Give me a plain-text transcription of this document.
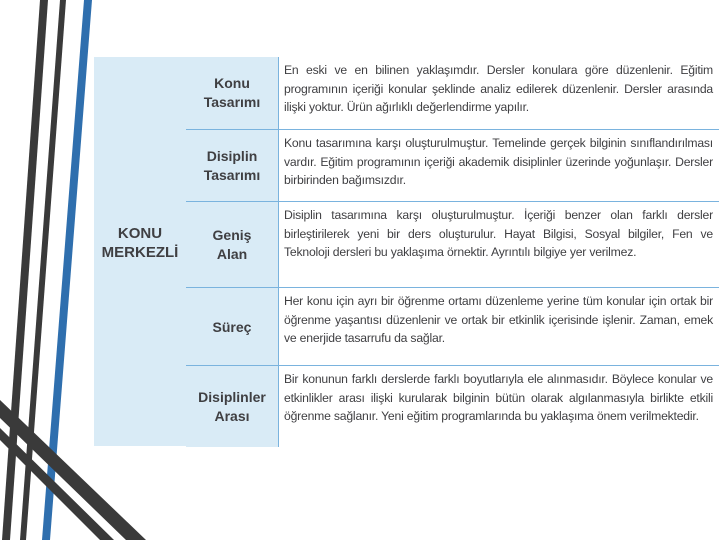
KONU
MERKEZLİ
Konu
Tasarımı
En eski ve en bilinen yaklaşımdır. Dersler konulara göre düzenlenir. Eğitim programının içeriği konular şeklinde analiz edilerek düzenlenir. Dersler arasında ilişki yoktur. Ürün ağırlıklı değerlendirme yapılır.
Disiplin
Tasarımı
Konu tasarımına karşı oluşturulmuştur. Temelinde gerçek bilginin sınıflandırılması vardır. Eğitim programının içeriği akademik disiplinler üzerinde yoğunlaşır. Dersler birbirinden bağımsızdır.
Geniş
Alan
Disiplin tasarımına karşı oluşturulmuştur. İçeriği benzer olan farklı dersler birleştirilerek yeni bir ders oluşturulur. Hayat Bilgisi, Sosyal bilgiler, Fen ve Teknoloji dersleri bu yaklaşıma örnektir. Ayrıntılı bilgiye yer verilmez.
Süreç
Her konu için ayrı bir öğrenme ortamı düzenleme yerine tüm konular için ortak bir öğrenme yaşantısı düzenlenir ve ortak bir etkinlik içerisinde işlenir. Zaman, emek ve enerjide tasarrufu da sağlar.
Disiplinler
Arası
Bir konunun farklı derslerde farklı boyutlarıyla ele alınmasıdır. Böylece konular ve etkinlikler arası ilişki kurularak bilginin bütün olarak algılanmasıyla birlikte etkili öğrenme sağlanır. Yeni eğitim programlarında bu yaklaşıma önem verilmektedir.
